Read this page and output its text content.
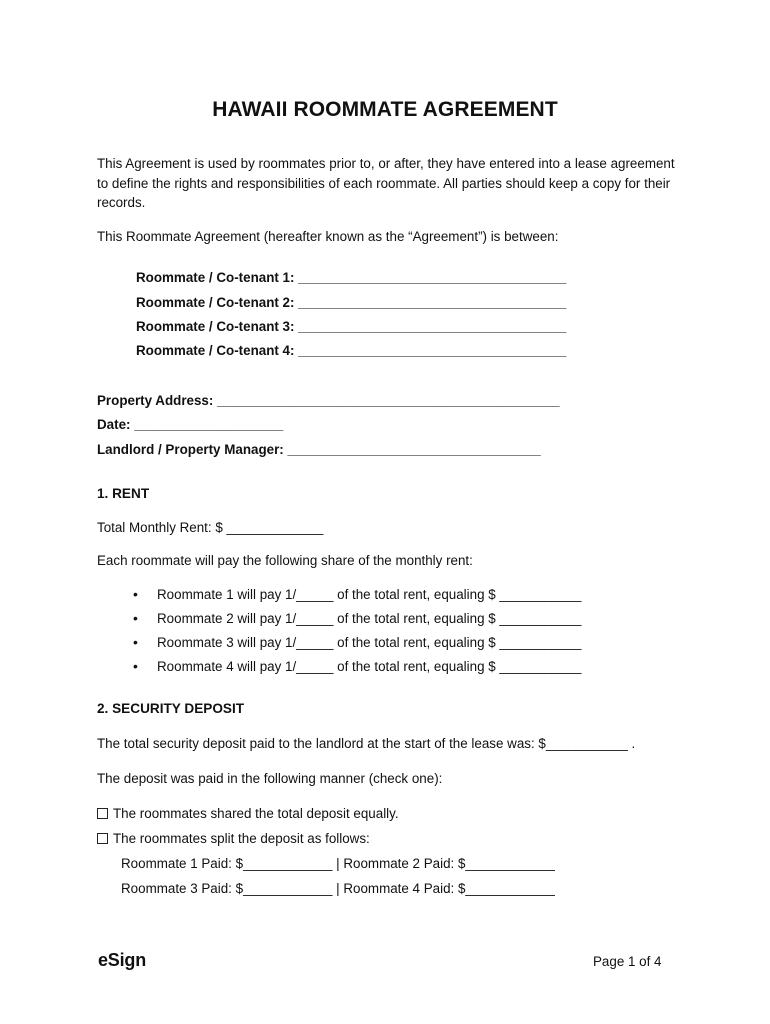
HAWAII ROOMMATE AGREEMENT
This Agreement is used by roommates prior to, or after, they have entered into a lease agreement to define the rights and responsibilities of each roommate. All parties should keep a copy for their records.
This Roommate Agreement (hereafter known as the “Agreement”) is between:
Roommate / Co-tenant 1: ____________________________________
Roommate / Co-tenant 2: ____________________________________
Roommate / Co-tenant 3: ____________________________________
Roommate / Co-tenant 4: ____________________________________
Property Address: ______________________________________________
Date: ____________________
Landlord / Property Manager: __________________________________
1. RENT
Total Monthly Rent: $ _____________
Each roommate will pay the following share of the monthly rent:
• Roommate 1 will pay 1/_____ of the total rent, equaling $ ___________
• Roommate 2 will pay 1/_____ of the total rent, equaling $ ___________
• Roommate 3 will pay 1/_____ of the total rent, equaling $ ___________
• Roommate 4 will pay 1/_____ of the total rent, equaling $ ___________
2. SECURITY DEPOSIT
The total security deposit paid to the landlord at the start of the lease was: $___________ .
The deposit was paid in the following manner (check one):
The roommates shared the total deposit equally.
The roommates split the deposit as follows:
Roommate 1 Paid: $____________ | Roommate 2 Paid: $____________
Roommate 3 Paid: $____________ | Roommate 4 Paid: $____________
eSign	Page 1 of 4
